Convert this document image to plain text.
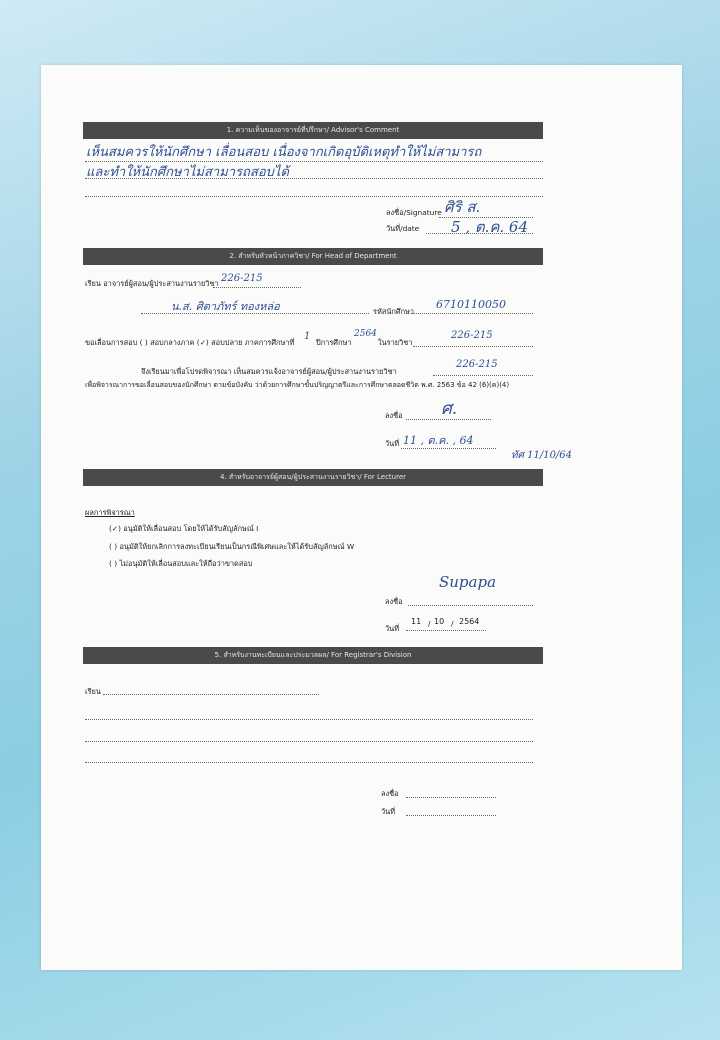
1. ความเห็นของอาจารย์ที่ปรึกษา/ Advisor's Comment
เห็นสมควรให้นักศึกษา เลื่อนสอบ เนื่องจากเกิดอุบัติเหตุทำให้ไม่สามารถ
และทำให้นักศึกษาไม่สามารถสอบได้
ลงชื่อ/Signature ศิริ ส.
วันที่/date 5 , ต.ค. 64
2. สำหรับหัวหน้าภาควิชา/ For Head of Department
เรียน อาจารย์ผู้สอน/ผู้ประสานงานรายวิชา 226-215
น.ส. ศิตาภัทร์ ทองหล่อ	รหัสนักศึกษา
6710110050
ขอเลื่อนการสอบ ( ) สอบกลางภาค (✓) สอบปลาย ภาคการศึกษาที่
1
ปีการศึกษา
2564
ในรายวิชา
226-215
จึงเรียนมาเพื่อโปรดพิจารณา เห็นสมควรแจ้งอาจารย์ผู้สอน/ผู้ประสานงานรายวิชา
226-215
เพื่อพิจารณาการขอเลื่อนสอบของนักศึกษา ตามข้อบังคับ ว่าด้วยการศึกษาขั้นปริญญาตรีและการศึกษาตลอดชีวิต พ.ศ. 2563 ข้อ 42 (6)(ค)(4)
ลงชื่อ ศ.
วันที่ 11 , ต.ค. , 64
ทัศ 11/10/64
4. สำหรับอาจารย์ผู้สอน/ผู้ประสานงานรายวิชา/ For Lecturer
ผลการพิจารณา
(✓) อนุมัติให้เลื่อนสอบ โดยให้ได้รับสัญลักษณ์ I
( ) อนุมัติให้ยกเลิกการลงทะเบียนเรียนเป็นกรณีพิเศษและให้ได้รับสัญลักษณ์ W
( ) ไม่อนุมัติให้เลื่อนสอบและให้ถือว่าขาดสอบ
ลงชื่อ
Supapa
วันที่
11 / 10 / 2564
5. สำหรับงานทะเบียนและประมวลผล/ For Registrar's Division
เรียน
ลงชื่อ
วันที่
